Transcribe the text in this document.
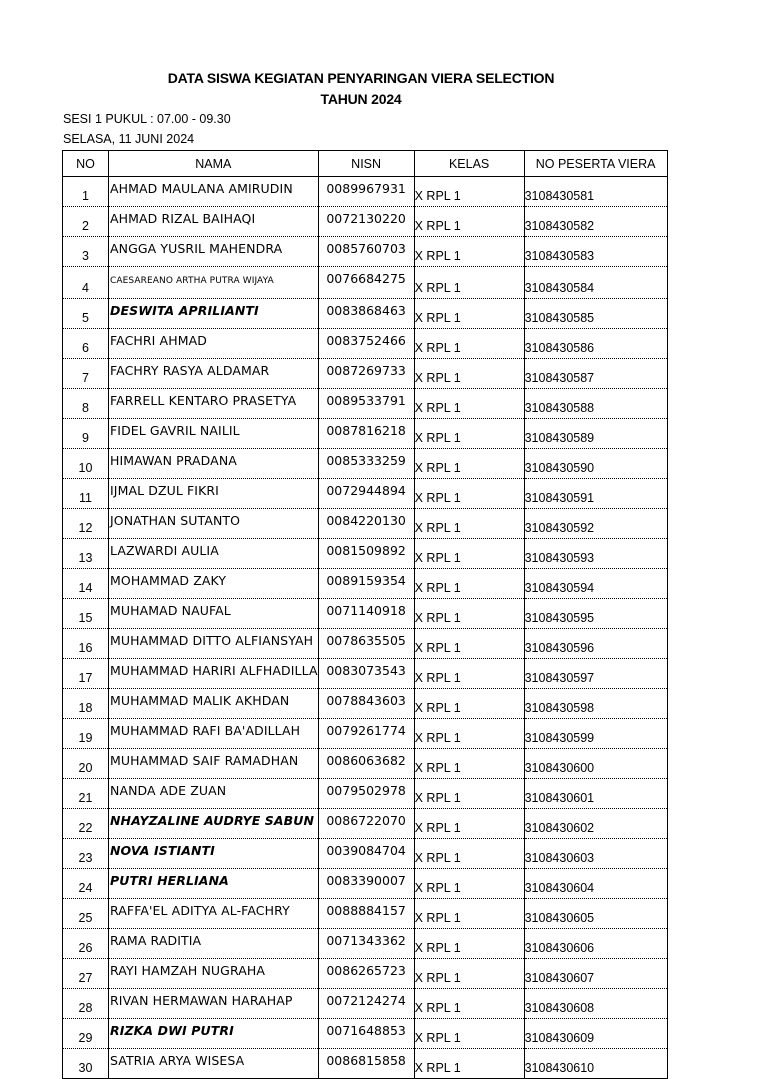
DATA SISWA KEGIATAN PENYARINGAN VIERA SELECTION
TAHUN 2024
SESI 1 PUKUL : 07.00 - 09.30
SELASA, 11 JUNI 2024
NO	NAMA	NISN	KELAS	NO PESERTA VIERA
1	AHMAD MAULANA AMIRUDIN	0089967931	X RPL 1	3108430581
2	AHMAD RIZAL BAIHAQI	0072130220	X RPL 1	3108430582
3	ANGGA YUSRIL MAHENDRA	0085760703	X RPL 1	3108430583
4	CAESAREANO ARTHA PUTRA WIJAYA	0076684275	X RPL 1	3108430584
5	DESWITA APRILIANTI	0083868463	X RPL 1	3108430585
6	FACHRI AHMAD	0083752466	X RPL 1	3108430586
7	FACHRY RASYA ALDAMAR	0087269733	X RPL 1	3108430587
8	FARRELL KENTARO PRASETYA	0089533791	X RPL 1	3108430588
9	FIDEL GAVRIL NAILIL	0087816218	X RPL 1	3108430589
10	HIMAWAN PRADANA	0085333259	X RPL 1	3108430590
11	IJMAL DZUL FIKRI	0072944894	X RPL 1	3108430591
12	JONATHAN SUTANTO	0084220130	X RPL 1	3108430592
13	LAZWARDI AULIA	0081509892	X RPL 1	3108430593
14	MOHAMMAD ZAKY	0089159354	X RPL 1	3108430594
15	MUHAMAD NAUFAL	0071140918	X RPL 1	3108430595
16	MUHAMMAD DITTO ALFIANSYAH	0078635505	X RPL 1	3108430596
17	MUHAMMAD HARIRI ALFHADILLA	0083073543	X RPL 1	3108430597
18	MUHAMMAD MALIK AKHDAN	0078843603	X RPL 1	3108430598
19	MUHAMMAD RAFI BA'ADILLAH	0079261774	X RPL 1	3108430599
20	MUHAMMAD SAIF RAMADHAN	0086063682	X RPL 1	3108430600
21	NANDA ADE ZUAN	0079502978	X RPL 1	3108430601
22	NHAYZALINE AUDRYE SABUN	0086722070	X RPL 1	3108430602
23	NOVA ISTIANTI	0039084704	X RPL 1	3108430603
24	PUTRI HERLIANA	0083390007	X RPL 1	3108430604
25	RAFFA'EL ADITYA AL-FACHRY	0088884157	X RPL 1	3108430605
26	RAMA RADITIA	0071343362	X RPL 1	3108430606
27	RAYI HAMZAH NUGRAHA	0086265723	X RPL 1	3108430607
28	RIVAN HERMAWAN HARAHAP	0072124274	X RPL 1	3108430608
29	RIZKA DWI PUTRI	0071648853	X RPL 1	3108430609
30	SATRIA ARYA WISESA	0086815858	X RPL 1	3108430610
